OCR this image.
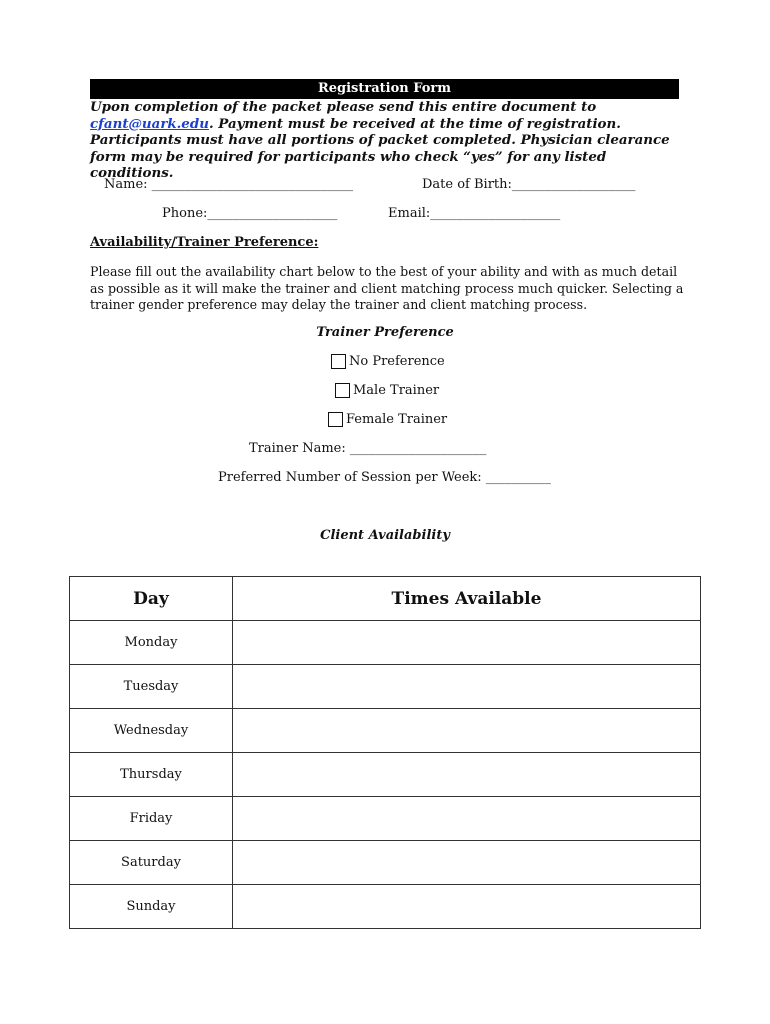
Registration Form
Upon completion of the packet please send this entire document to
cfant@uark.edu. Payment must be received at the time of registration.
Participants must have all portions of packet completed. Physician clearance
form may be required for participants who check “yes” for any listed conditions.
Name: _______________________________	Date of Birth:___________________
Phone:____________________	Email:____________________
Availability/Trainer Preference:
Please fill out the availability chart below to the best of your ability and with as much detail as possible as it will make the trainer and client matching process much quicker. Selecting a trainer gender preference may delay the trainer and client matching process.
Trainer Preference
No Preference
Male Trainer
Female Trainer
Trainer Name: _____________________
Preferred Number of Session per Week: __________
Client Availability
Day	Times Available
Monday	
Tuesday	
Wednesday	
Thursday	
Friday	
Saturday	
Sunday	
